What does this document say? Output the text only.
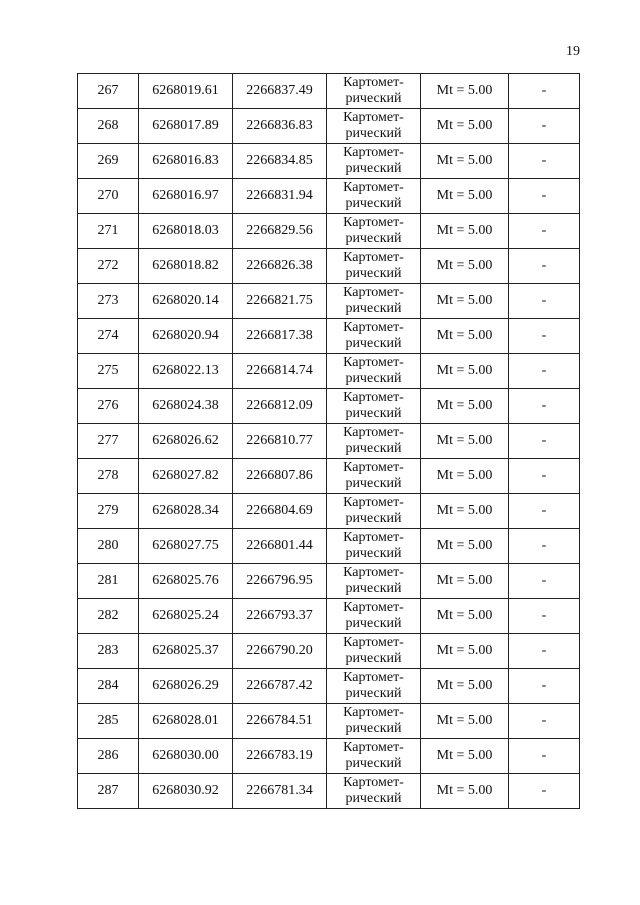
19
267	6268019.61	2266837.49	Картомет-
рический	Mt = 5.00	-
268	6268017.89	2266836.83	Картомет-
рический	Mt = 5.00	-
269	6268016.83	2266834.85	Картомет-
рический	Mt = 5.00	-
270	6268016.97	2266831.94	Картомет-
рический	Mt = 5.00	-
271	6268018.03	2266829.56	Картомет-
рический	Mt = 5.00	-
272	6268018.82	2266826.38	Картомет-
рический	Mt = 5.00	-
273	6268020.14	2266821.75	Картомет-
рический	Mt = 5.00	-
274	6268020.94	2266817.38	Картомет-
рический	Mt = 5.00	-
275	6268022.13	2266814.74	Картомет-
рический	Mt = 5.00	-
276	6268024.38	2266812.09	Картомет-
рический	Mt = 5.00	-
277	6268026.62	2266810.77	Картомет-
рический	Mt = 5.00	-
278	6268027.82	2266807.86	Картомет-
рический	Mt = 5.00	-
279	6268028.34	2266804.69	Картомет-
рический	Mt = 5.00	-
280	6268027.75	2266801.44	Картомет-
рический	Mt = 5.00	-
281	6268025.76	2266796.95	Картомет-
рический	Mt = 5.00	-
282	6268025.24	2266793.37	Картомет-
рический	Mt = 5.00	-
283	6268025.37	2266790.20	Картомет-
рический	Mt = 5.00	-
284	6268026.29	2266787.42	Картомет-
рический	Mt = 5.00	-
285	6268028.01	2266784.51	Картомет-
рический	Mt = 5.00	-
286	6268030.00	2266783.19	Картомет-
рический	Mt = 5.00	-
287	6268030.92	2266781.34	Картомет-
рический	Mt = 5.00	-
